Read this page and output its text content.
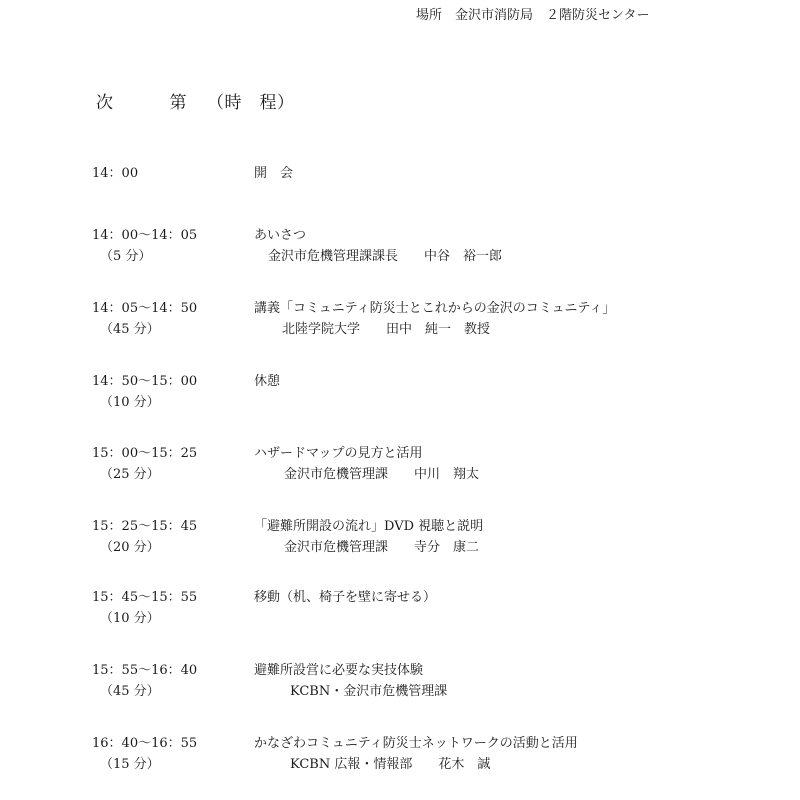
場所　金沢市消防局　２階防災センター
次	第 （時　程）
14：00	開　会
14：00〜14：05
（5 分）
あいさつ
金沢市危機管理課課長　　中谷　裕一郎
14：05〜14：50
（45 分）
講義「コミュニティ防災士とこれからの金沢のコミュニティ」
北陸学院大学　　田中　純一　教授
14：50〜15：00
（10 分）
休憩
15：00〜15：25
（25 分）
ハザードマップの見方と活用
金沢市危機管理課　　中川　翔太
15：25〜15：45
（20 分）
「避難所開設の流れ」DVD 視聴と説明
金沢市危機管理課　　寺分　康二
15：45〜15：55
（10 分）
移動（机、椅子を壁に寄せる）
15：55〜16：40
（45 分）
避難所設営に必要な実技体験
KCBN・金沢市危機管理課
16：40〜16：55
（15 分）
かなざわコミュニティ防災士ネットワークの活動と活用
KCBN 広報・情報部　　花木　誠
